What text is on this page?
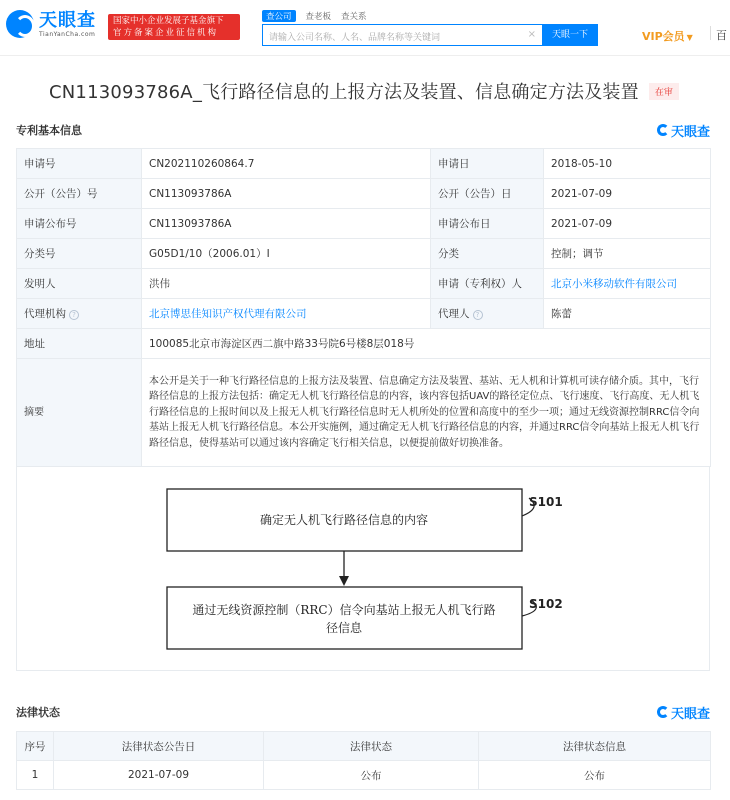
天眼查
TianYanCha.com
国家中小企业发展子基金旗下
官方备案企业征信机构
查公司	查老板 查关系
请输入公司名称、人名、品牌名称等关键词	×	天眼一下	VIP会员 ▼ 百
CN113093786A_飞行路径信息的上报方法及装置、信息确定方法及装置	在审
专利基本信息	天眼查
申请号	CN202110260864.7	申请日	2018-05-10
公开（公告）号	CN113093786A	公开（公告）日	2021-07-09
申请公布号	CN113093786A	申请公布日	2021-07-09
分类号	G05D1/10（2006.01）I	分类	控制；调节
发明人	洪伟	申请（专利权）人	北京小米移动软件有限公司
代理机构 ?	北京博思佳知识产权代理有限公司	代理人 ?	陈蕾
地址	100085北京市海淀区西二旗中路33号院6号楼8层018号		
摘要	本公开是关于一种飞行路径信息的上报方法及装置、信息确定方法及装置、基站、无人机和计算机可读存储介质。其中，飞行路径信息的上报方法包括：确定无人机飞行路径信息的内容，该内容包括UAV的路径定位点、飞行速度、飞行高度、无人机飞行路径信息的上报时间以及上报无人机飞行路径信息时无人机所处的位置和高度中的至少一项；通过无线资源控制RRC信令向基站上报无人机飞行路径信息。本公开实施例，通过确定无人机飞行路径信息的内容，并通过RRC信令向基站上报无人机飞行路径信息，使得基站可以通过该内容确定飞行相关信息，以便提前做好切换准备。		
确定无人机飞行路径信息的内容
S101
通过无线资源控制（RRC）信令向基站上报无人机飞行路
径信息
S102
法律状态	天眼查
序号	法律状态公告日	法律状态	法律状态信息
1	2021-07-09	公布	公布
